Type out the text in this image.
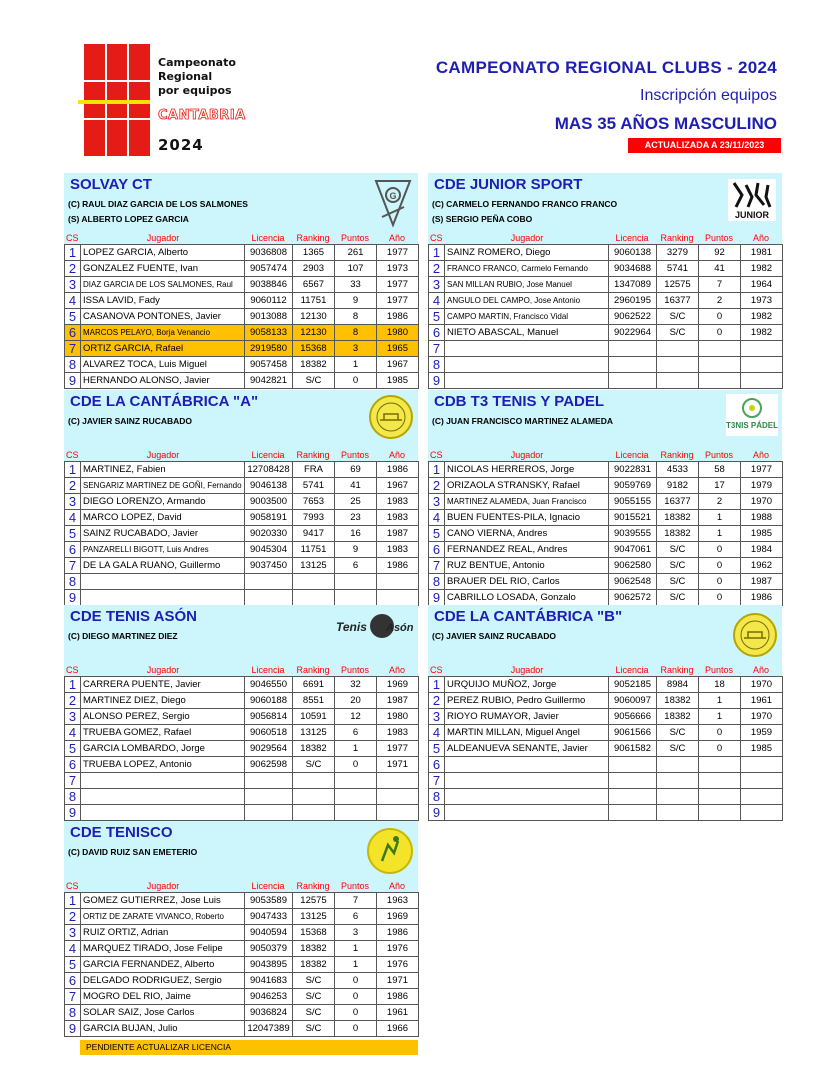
Campeonato
Regional
por equipos
CANTABRIA
2024
CAMPEONATO REGIONAL CLUBS - 2024
Inscripción equipos
MAS 35 AÑOS MASCULINO
ACTUALIZADA A 23/11/2023
SOLVAY CT
(C) RAUL DIAZ GARCIA DE LOS SALMONES
(S) ALBERTO LOPEZ GARCIA
G
CS	Jugador	Licencia	Ranking	Puntos	Año
1	LOPEZ GARCIA, Alberto	9036808	1365	261	1977
2	GONZALEZ FUENTE, Ivan	9057474	2903	107	1973
3	DIAZ GARCIA DE LOS SALMONES, Raul	9038846	6567	33	1977
4	ISSA LAVID, Fady	9060112	11751	9	1977
5	CASANOVA PONTONES, Javier	9013088	12130	8	1986
6	MARCOS PELAYO, Borja Venancio	9058133	12130	8	1980
7	ORTIZ GARCIA, Rafael	2919580	15368	3	1965
8	ALVAREZ TOCA, Luis Miguel	9057458	18382	1	1967
9	HERNANDO ALONSO, Javier	9042821	S/C	0	1985
CDE JUNIOR SPORT
(C) CARMELO FERNANDO FRANCO FRANCO
(S) SERGIO PEÑA COBO	JUNIOR
CS	Jugador	Licencia	Ranking	Puntos	Año
1	SAINZ ROMERO, Diego	9060138	3279	92	1981
2	FRANCO FRANCO, Carmelo Fernando	9034688	5741	41	1982
3	SAN MILLAN RUBIO, Jose Manuel	1347089	12575	7	1964
4	ANGULO DEL CAMPO, Jose Antonio	2960195	16377	2	1973
5	CAMPO MARTIN, Francisco Vidal	9062522	S/C	0	1982
6	NIETO ABASCAL, Manuel	9022964	S/C	0	1982
7					
8					
9					
CDE LA CANTÁBRICA "A"
(C) JAVIER SAINZ RUCABADO
CS	Jugador	Licencia	Ranking	Puntos	Año
1	MARTINEZ, Fabien	12708428	FRA	69	1986
2	SENGARIZ MARTINEZ DE GOÑI, Fernando	9046138	5741	41	1967
3	DIEGO LORENZO, Armando	9003500	7653	25	1983
4	MARCO LOPEZ, David	9058191	7993	23	1983
5	SAINZ RUCABADO, Javier	9020330	9417	16	1987
6	PANZARELLI BIGOTT, Luis Andres	9045304	11751	9	1983
7	DE LA GALA RUANO, Guillermo	9037450	13125	6	1986
8					
9					
CDB T3 TENIS Y PADEL
(C) JUAN FRANCISCO MARTINEZ ALAMEDA	T3NIS PÁDEL
CS	Jugador	Licencia	Ranking	Puntos	Año
1	NICOLAS HERREROS, Jorge	9022831	4533	58	1977
2	ORIZAOLA STRANSKY, Rafael	9059769	9182	17	1979
3	MARTINEZ ALAMEDA, Juan Francisco	9055155	16377	2	1970
4	BUEN FUENTES-PILA, Ignacio	9015521	18382	1	1988
5	CANO VIERNA, Andres	9039555	18382	1	1985
6	FERNANDEZ REAL, Andres	9047061	S/C	0	1984
7	RUZ BENTUE, Antonio	9062580	S/C	0	1962
8	BRAUER DEL RIO, Carlos	9062548	S/C	0	1987
9	CABRILLO LOSADA, Gonzalo	9062572	S/C	0	1986
CDE TENIS ASÓN
(C) DIEGO MARTINEZ DIEZ
Tenis Asón
CS	Jugador	Licencia	Ranking	Puntos	Año
1	CARRERA PUENTE, Javier	9046550	6691	32	1969
2	MARTINEZ DIEZ, Diego	9060188	8551	20	1987
3	ALONSO PEREZ, Sergio	9056814	10591	12	1980
4	TRUEBA GOMEZ, Rafael	9060518	13125	6	1983
5	GARCIA LOMBARDO, Jorge	9029564	18382	1	1977
6	TRUEBA LOPEZ, Antonio	9062598	S/C	0	1971
7					
8					
9					
CDE LA CANTÁBRICA "B"
(C) JAVIER SAINZ RUCABADO
CS	Jugador	Licencia	Ranking	Puntos	Año
1	URQUIJO MUÑOZ, Jorge	9052185	8984	18	1970
2	PEREZ RUBIO, Pedro Guillermo	9060097	18382	1	1961
3	RIOYO RUMAYOR, Javier	9056666	18382	1	1970
4	MARTIN MILLAN, Miguel Angel	9061566	S/C	0	1959
5	ALDEANUEVA SENANTE, Javier	9061582	S/C	0	1985
6					
7					
8					
9					
CDE TENISCO
(C) DAVID RUIZ SAN EMETERIO
CS	Jugador	Licencia	Ranking	Puntos	Año
1	GOMEZ GUTIERREZ, Jose Luis	9053589	12575	7	1963
2	ORTIZ DE ZARATE VIVANCO, Roberto	9047433	13125	6	1969
3	RUIZ ORTIZ, Adrian	9040594	15368	3	1986
4	MARQUEZ TIRADO, Jose Felipe	9050379	18382	1	1976
5	GARCIA FERNANDEZ, Alberto	9043895	18382	1	1976
6	DELGADO RODRIGUEZ, Sergio	9041683	S/C	0	1971
7	MOGRO DEL RIO, Jaime	9046253	S/C	0	1986
8	SOLAR SAIZ, Jose Carlos	9036824	S/C	0	1961
9	GARCIA BUJAN, Julio	12047389	S/C	0	1966
PENDIENTE ACTUALIZAR LICENCIA
